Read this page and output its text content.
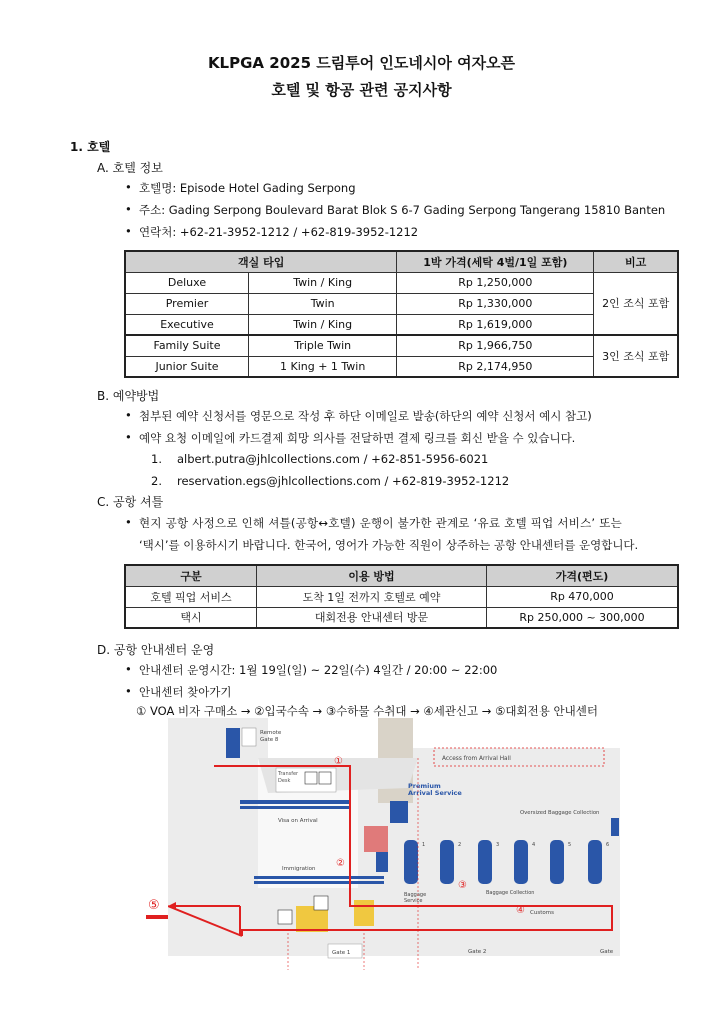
KLPGA 2025 드림투어 인도네시아 여자오픈
호텔 및 항공 관련 공지사항
1. 호텔
A. 호텔 정보
• 호텔명: Episode Hotel Gading Serpong
• 주소: Gading Serpong Boulevard Barat Blok S 6-7 Gading Serpong Tangerang 15810 Banten
• 연락처: +62-21-3952-1212 / +62-819-3952-1212
객실 타입		1박 가격(세탁 4벌/1일 포함)	비고
Deluxe	Twin / King	Rp 1,250,000	2인 조식 포함
Premier	Twin	Rp 1,330,000	
Executive	Twin / King	Rp 1,619,000	
Family Suite	Triple Twin	Rp 1,966,750	3인 조식 포함
Junior Suite	1 King + 1 Twin	Rp 2,174,950	
B. 예약방법
• 첨부된 예약 신청서를 영문으로 작성 후 하단 이메일로 발송(하단의 예약 신청서 예시 참고)
• 예약 요청 이메일에 카드결제 희망 의사를 전달하면 결제 링크를 회신 받을 수 있습니다.
1. albert.putra@jhlcollections.com / +62-851-5956-6021
2. reservation.egs@jhlcollections.com / +62-819-3952-1212
C. 공항 셔틀
• 현지 공항 사정으로 인해 셔틀(공항↔호텔) 운행이 불가한 관계로 ‘유료 호텔 픽업 서비스’ 또는
‘택시’를 이용하시기 바랍니다. 한국어, 영어가 가능한 직원이 상주하는 공항 안내센터를 운영합니다.
구분	이용 방법	가격(편도)
호텔 픽업 서비스	도착 1일 전까지 호텔로 예약	Rp 470,000
택시	대회전용 안내센터 방문	Rp 250,000 ~ 300,000
D. 공항 안내센터 운영
• 안내센터 운영시간: 1월 19일(일) ~ 22일(수) 4일간 / 20:00 ~ 22:00
• 안내센터 찾아가기
① VOA 비자 구매소 → ②입국수속 → ③수하물 수취대 → ④세관신고 → ⑤대회전용 안내센터
Remote
Gate 8
Transfer
Desk
Visa on Arrival
Access from Arrival Hall
Premium
Arrival Service
Oversized Baggage Collection
Immigration
1	2	3	4	5	6
Baggage
Service
Baggage Collection
Customs
Gate 1	Gate 2	Gate
①
②
③
④
⑤
